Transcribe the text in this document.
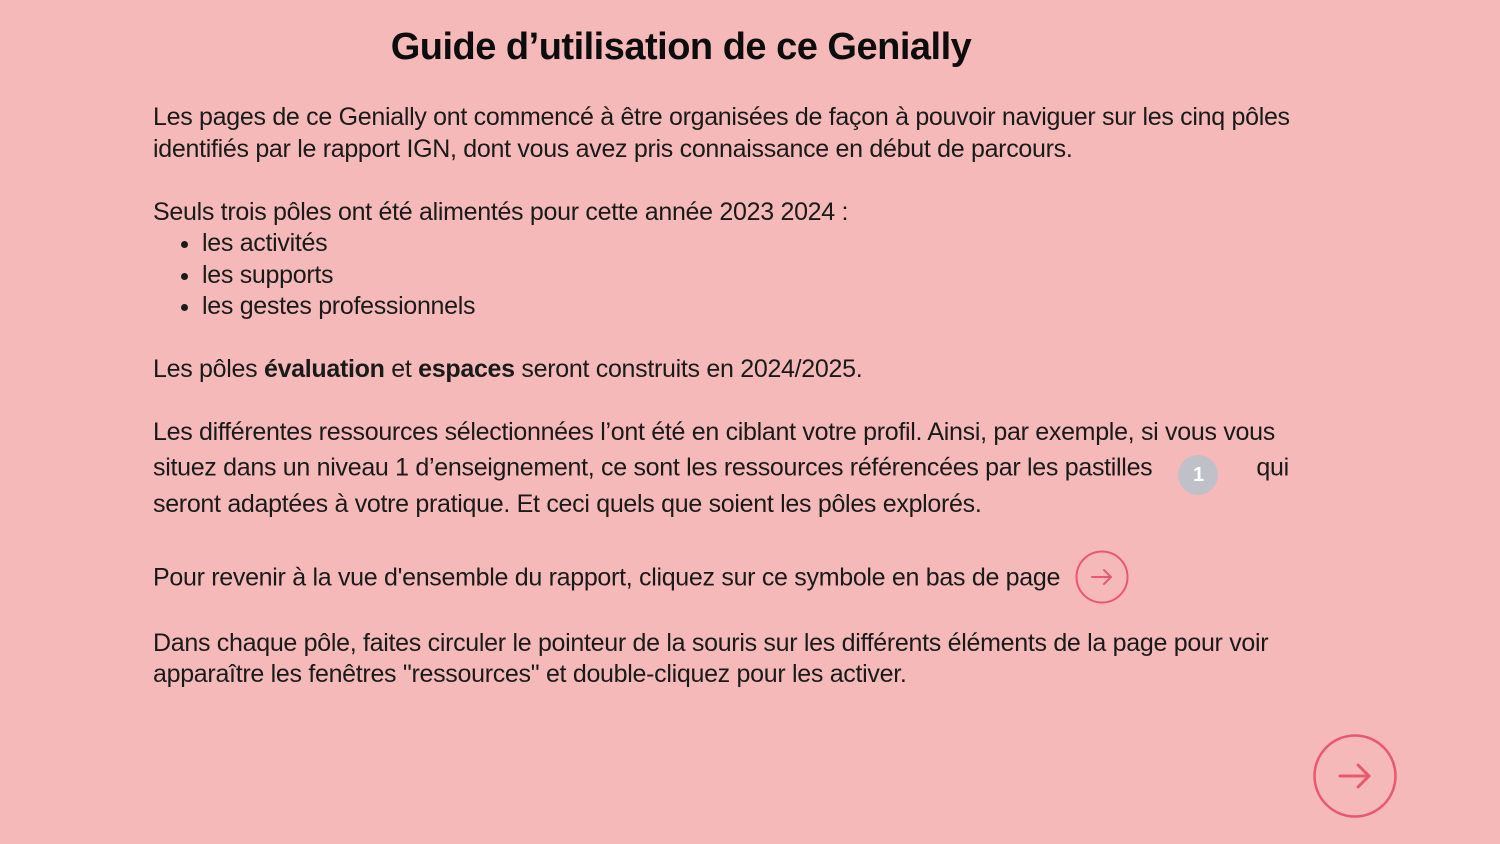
Guide d’utilisation de ce Genially

Les pages de ce Genially ont commencé à être organisées de façon à pouvoir naviguer sur les cinq pôles
identifiés par le rapport IGN, dont vous avez pris connaissance en début de parcours.

Seuls trois pôles ont été alimentés pour cette année 2023 2024 :
• les activités
• les supports
• les gestes professionnels

Les pôles évaluation et espaces seront construits en 2024/2025.

Les différentes ressources sélectionnées l’ont été en ciblant votre profil. Ainsi, par exemple, si vous vous
situez dans un niveau 1 d’enseignement, ce sont les ressources référencées par les pastilles 1 qui
seront adaptées à votre pratique. Et ceci quels que soient les pôles explorés.

Pour revenir à la vue d'ensemble du rapport, cliquez sur ce symbole en bas de page

Dans chaque pôle, faites circuler le pointeur de la souris sur les différents éléments de la page pour voir
apparaître les fenêtres "ressources" et double-cliquez pour les activer.
